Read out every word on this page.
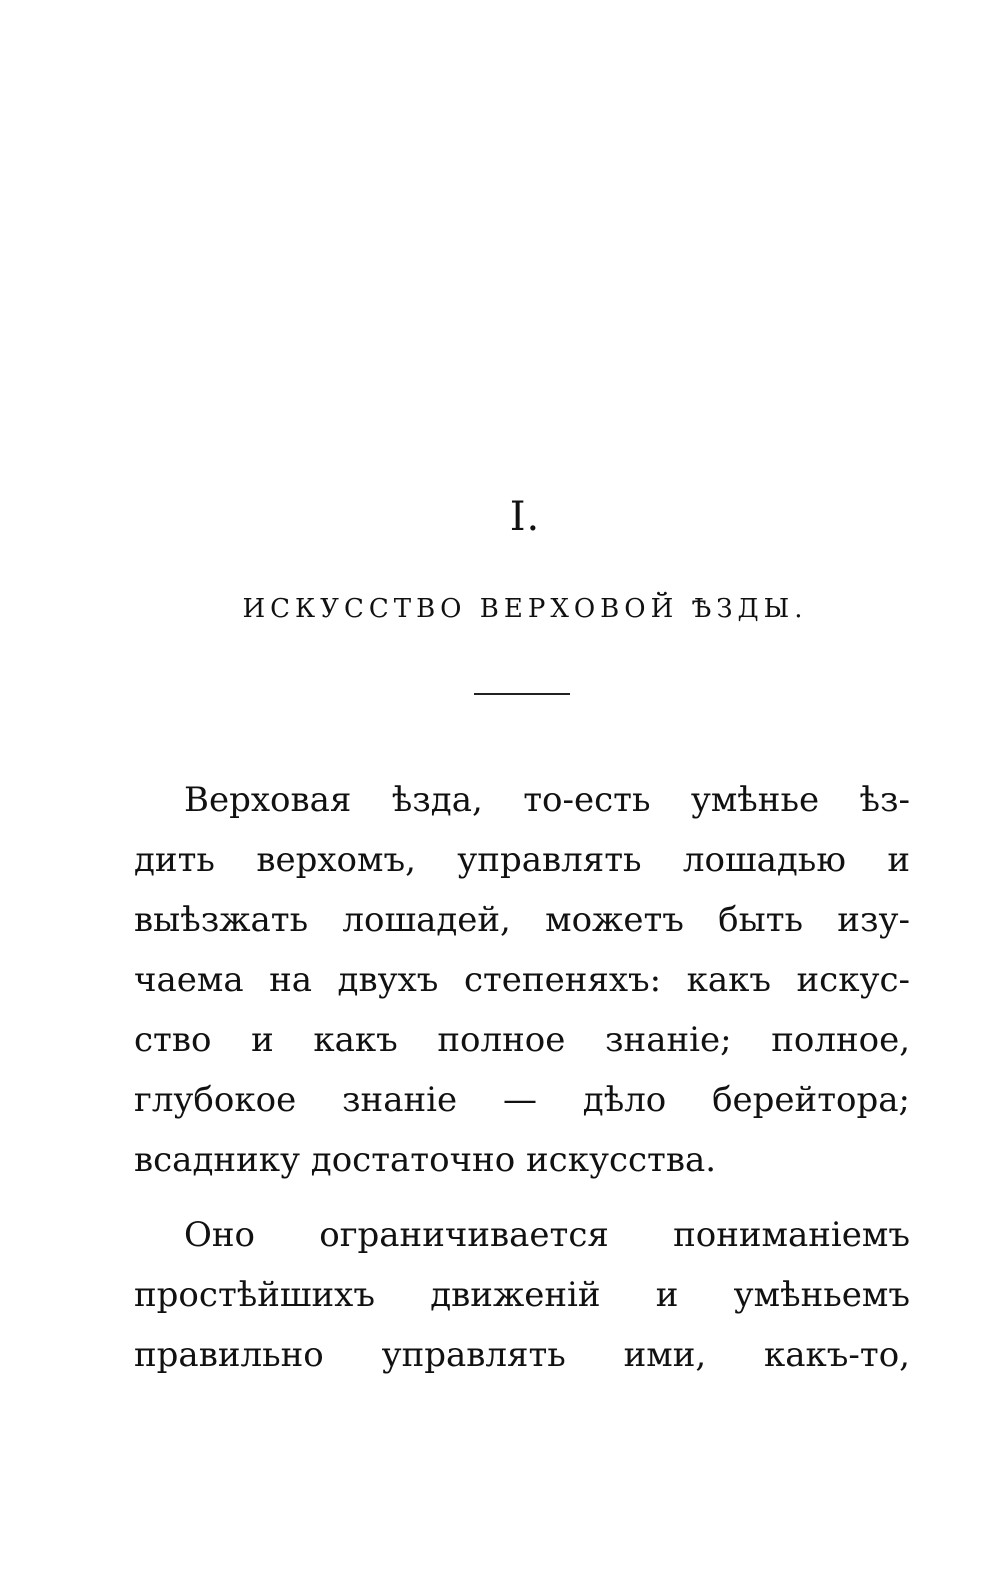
I.
ИСКУССТВО ВЕРХОВОЙ ѢЗДЫ.
Верховая ѣзда, то-есть умѣнье ѣз-
дить верхомъ, управлять лошадью и
выѣзжать лошадей, можетъ быть изу-
чаема на двухъ степеняхъ: какъ искус-
ство и какъ полное знаніе; полное,
глубокое знаніе — дѣло берейтора;
всаднику достаточно искусства.
Оно ограничивается пониманіемъ
простѣйшихъ движеній и умѣньемъ
правильно управлять ими, какъ-то,
